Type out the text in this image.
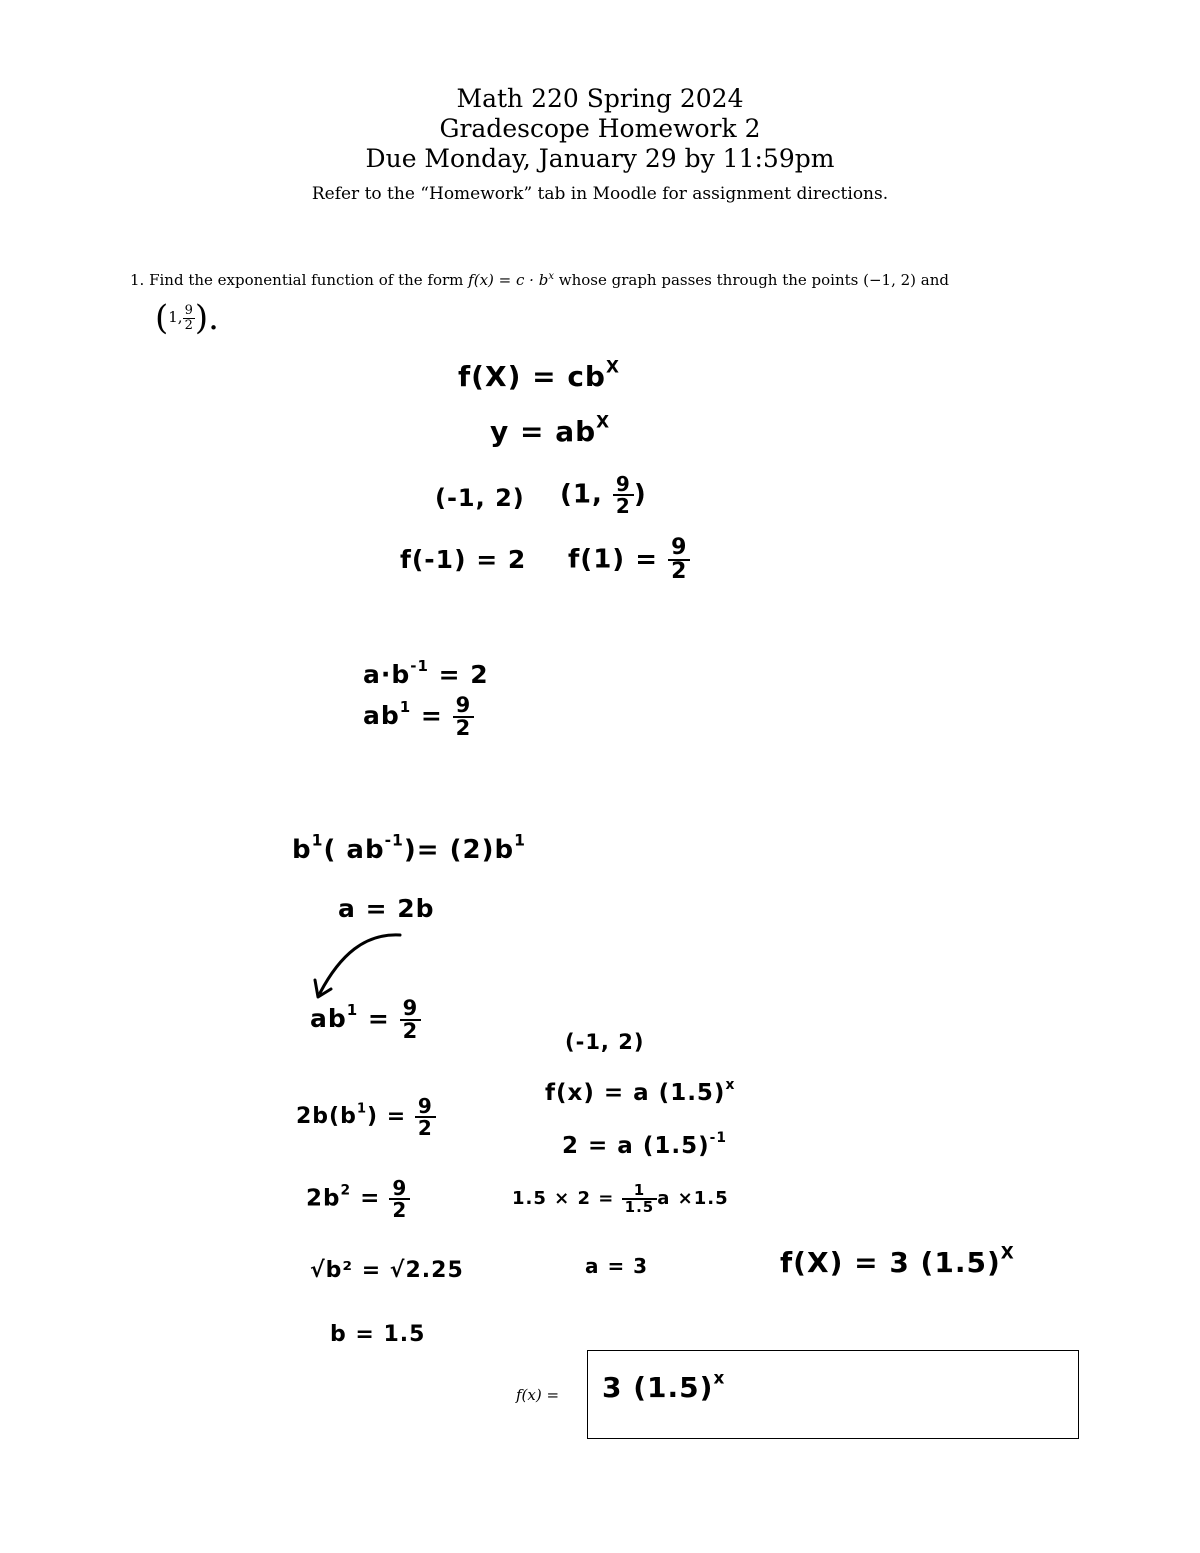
Math 220 Spring 2024
Gradescope Homework 2
Due Monday, January 29 by 11:59pm
Refer to the “Homework” tab in Moodle for assignment directions.
1. Find the exponential function of the form $f(x) = c \cdot b^x$ whose graph passes through the points (−1, 2) and
(1, $\frac{9}{2}$ ).
$f(X) = cb^X$
$y = ab^X$
(-1, 2) (1, $\frac{9}{2}$ )
f(-1) = 2 $f(1) = \frac{9}{2}$
$a\cdot b^{-1} = 2$
$ab^1 = \frac{9}{2}$
$b^1$( $ab^{-1})= (2)b^1$
a = 2b
$ab^1 = \frac{9}{2}$
$2b(b^1) = \frac{9}{2}$
$2b^2 = \frac{9}{2}$
√b² = √2.25
b = 1.5
(-1, 2)
f(x) = a $(1.5)^x$
2 = a $(1.5)^{-1}$
$1.5 \times 2 = \frac{1}{1.5}$ a ×1.5
a = 3	f(X) = 3 $(1.5)^X$
f(x) = 3 $(1.5)^x$
